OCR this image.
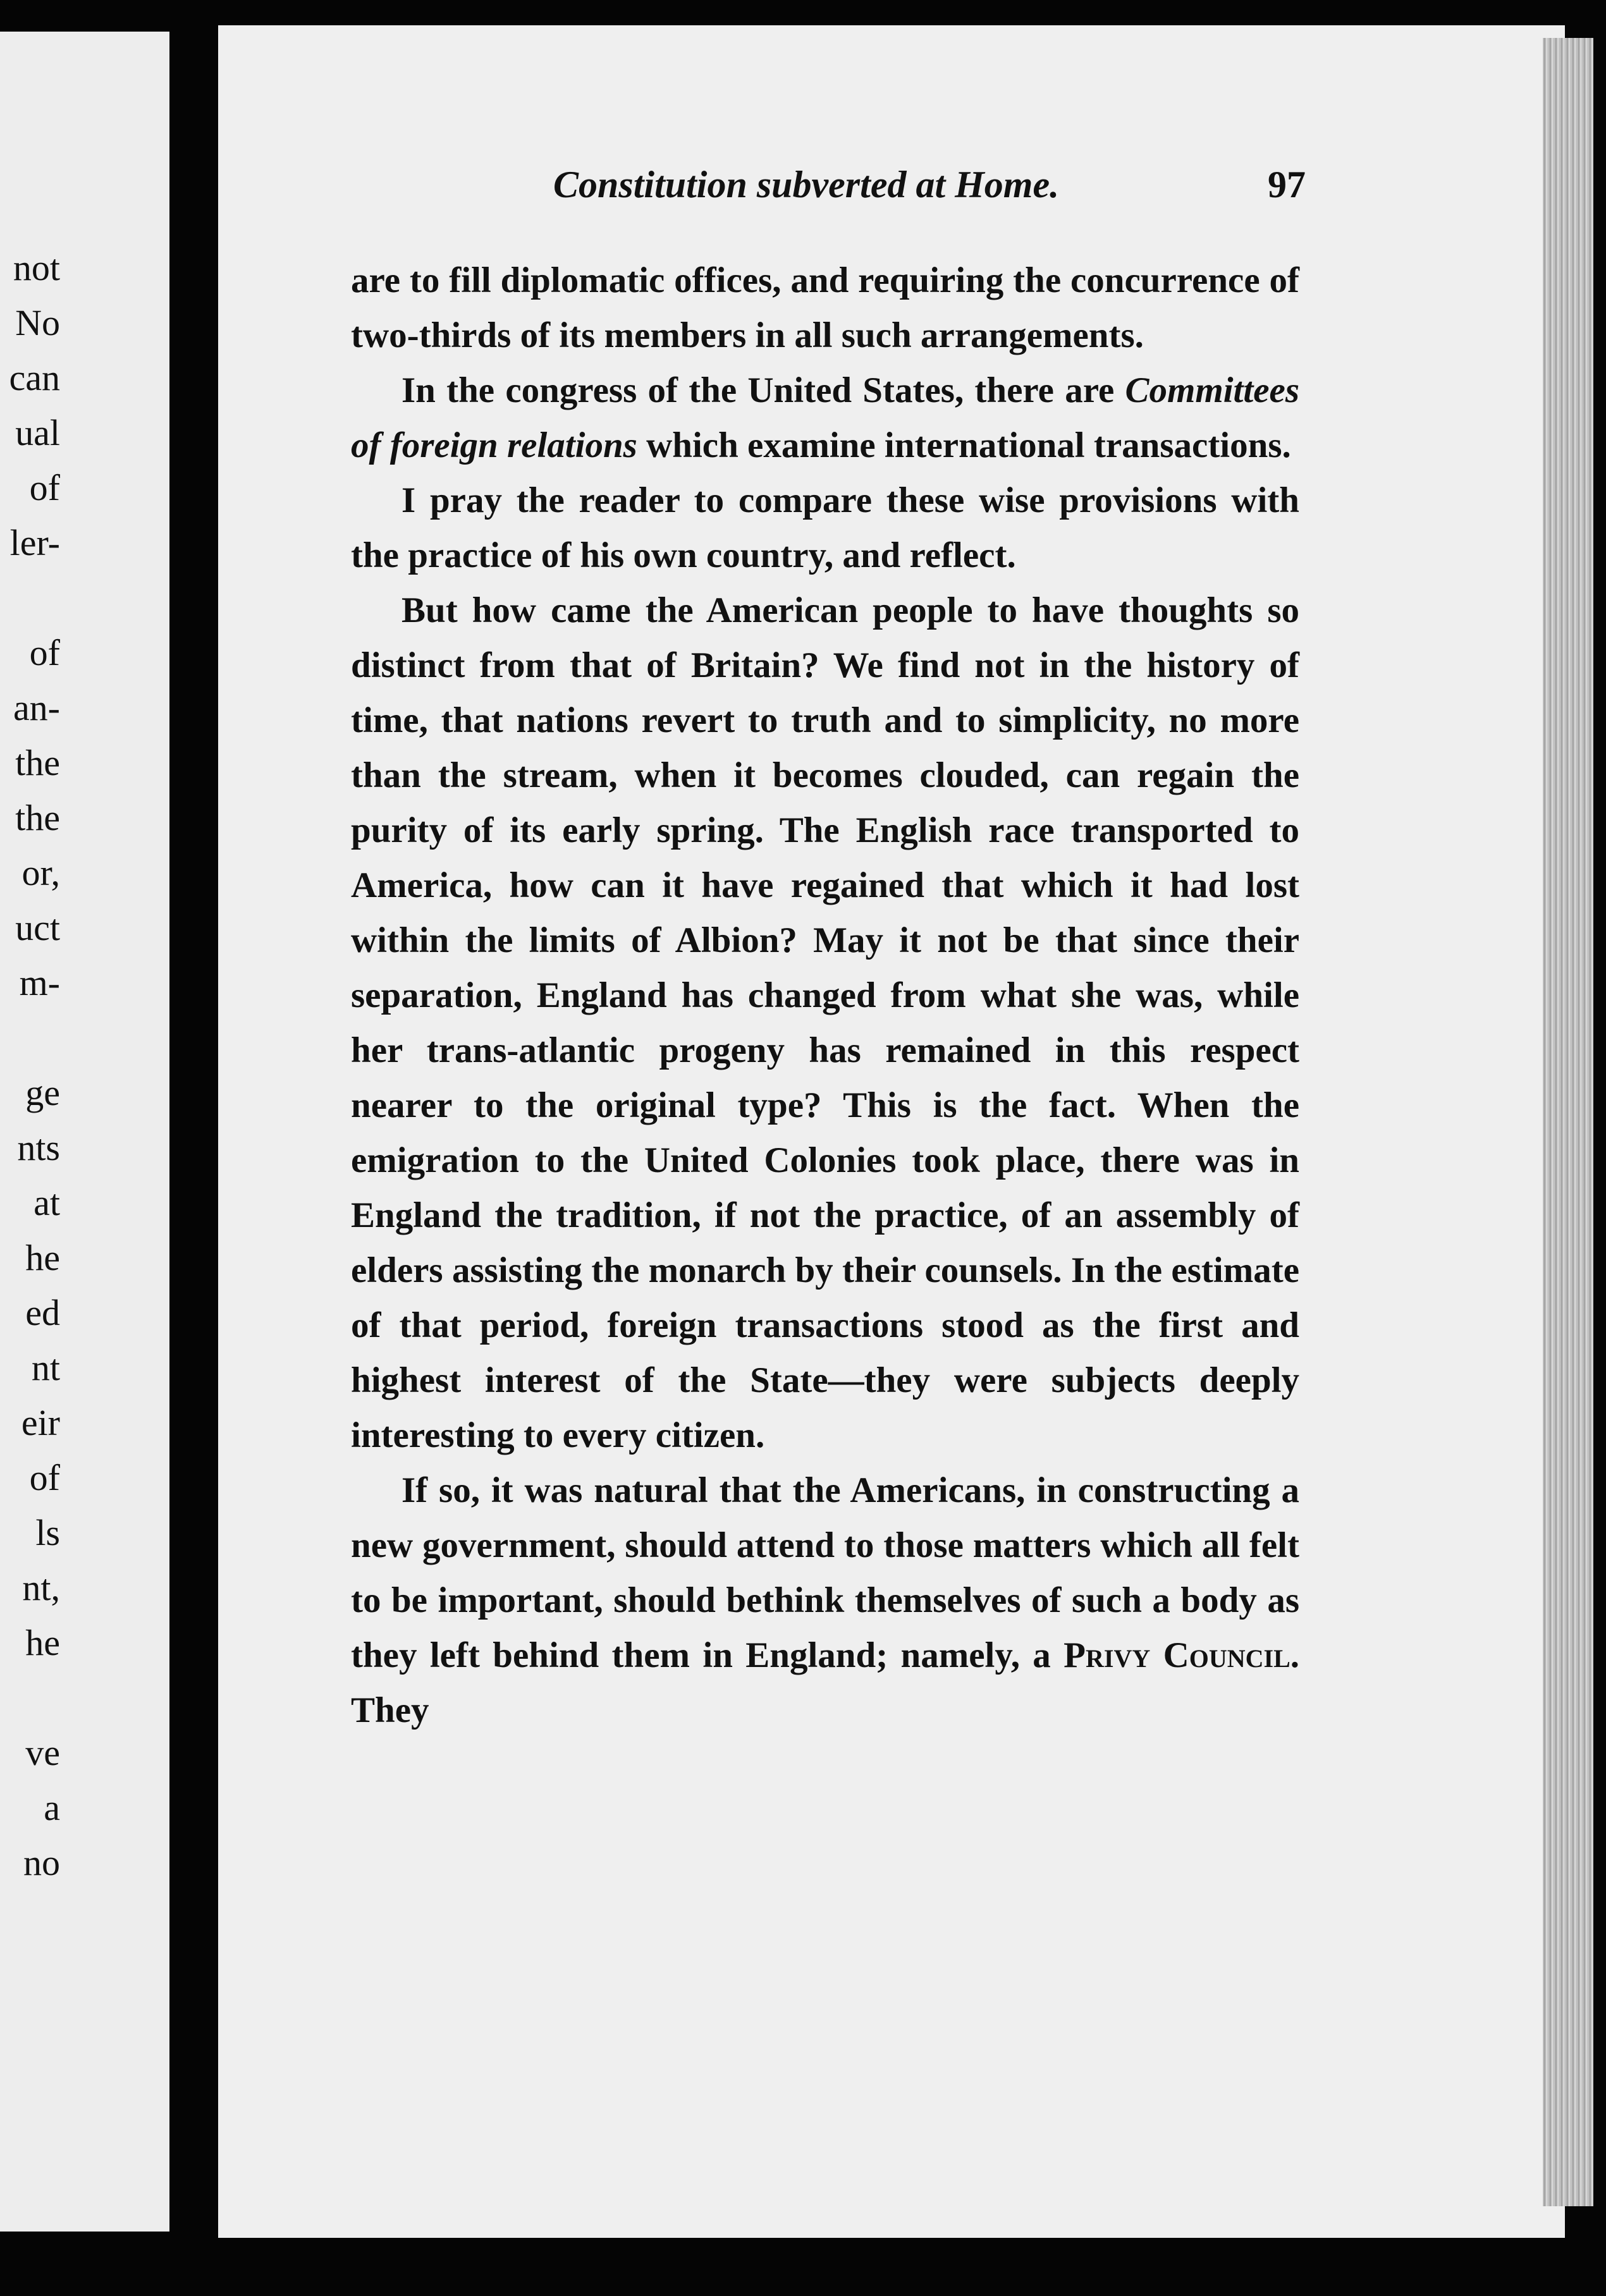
not
No
can
ual
of
ler-
of
an-
the
the
or,
uct
m-
ge
nts
at
he
ed
nt
eir
of
ls
nt,
he
ve
a
no
Constitution subverted at Home.	97

are to fill diplomatic offices, and requiring the concurrence of two-thirds of its members in all such arrangements.

In the congress of the United States, there are Committees of foreign relations which examine international transactions.

I pray the reader to compare these wise provisions with the practice of his own country, and reflect.

But how came the American people to have thoughts so distinct from that of Britain? We find not in the history of time, that nations revert to truth and to simplicity, no more than the stream, when it becomes clouded, can regain the purity of its early spring. The English race transported to America, how can it have regained that which it had lost within the limits of Albion? May it not be that since their separation, England has changed from what she was, while her trans-atlantic progeny has remained in this respect nearer to the original type? This is the fact. When the emigration to the United Colonies took place, there was in England the tradition, if not the practice, of an assembly of elders assisting the monarch by their counsels. In the estimate of that period, foreign transactions stood as the first and highest interest of the State—they were subjects deeply interesting to every citizen.

If so, it was natural that the Americans, in constructing a new government, should attend to those matters which all felt to be important, should bethink themselves of such a body as they left behind them in England; namely, a Privy Council. They
